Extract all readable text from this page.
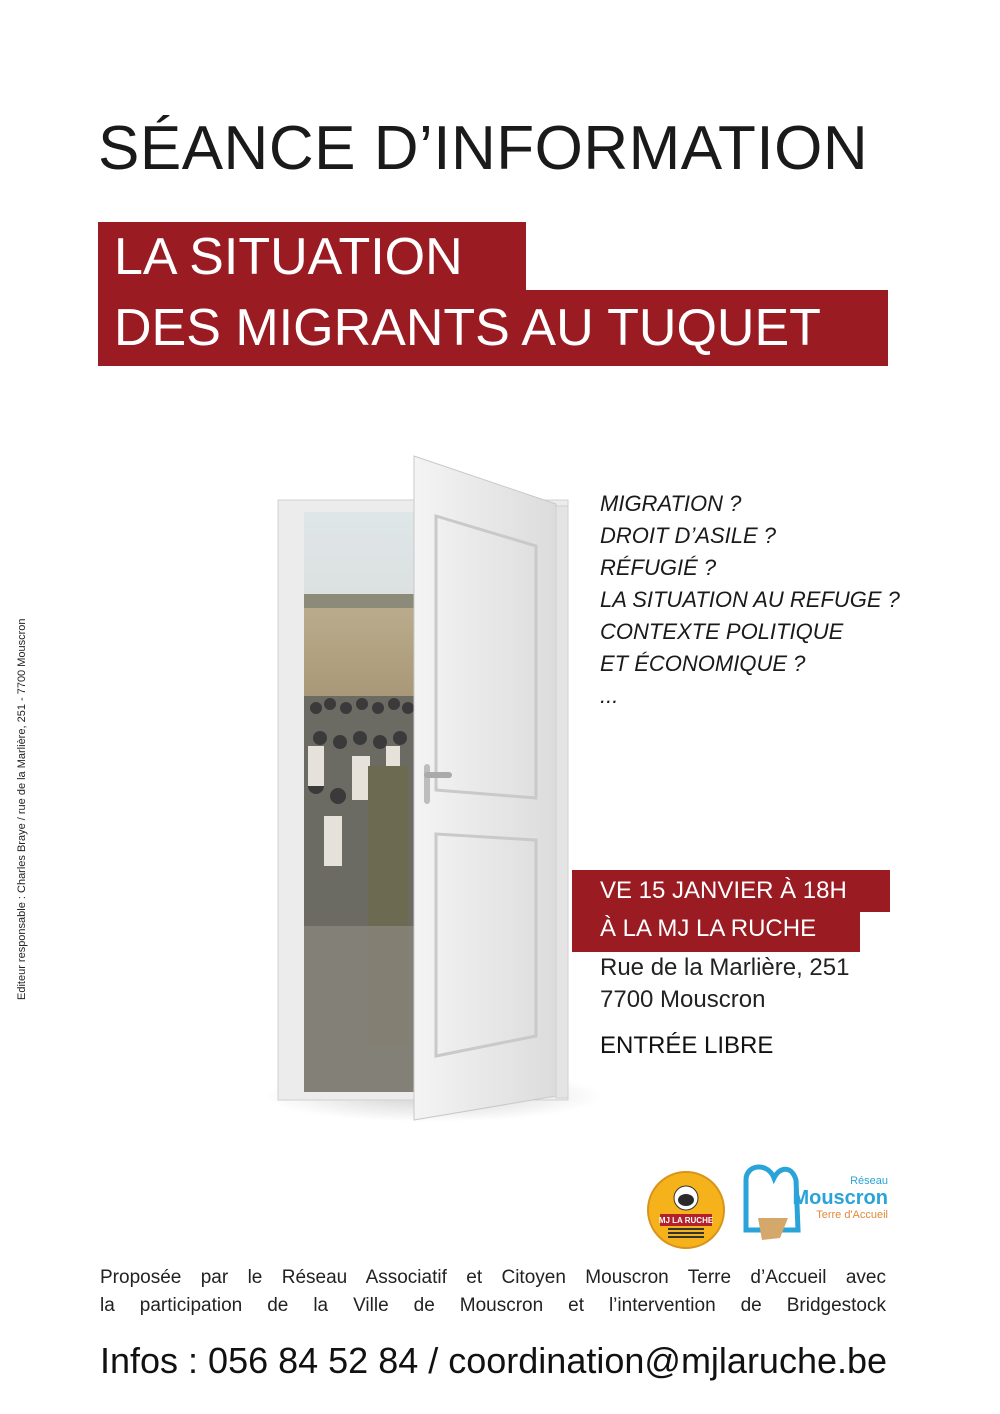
SÉANCE D’INFORMATION
LA SITUATION
DES MIGRANTS AU TUQUET
Editeur responsable : Charles Braye / rue de la Marlière, 251 - 7700 Mouscron
MIGRATION ?
DROIT D’ASILE ?
RÉFUGIÉ ?
LA SITUATION AU REFUGE ?
CONTEXTE POLITIQUE
ET ÉCONOMIQUE ?
...
VE 15 JANVIER À 18H
À LA MJ LA RUCHE
Rue de la Marlière, 251
7700 Mouscron
ENTRÉE LIBRE
MJ LA RUCHE
Réseau
Mouscron
Terre d'Accueil
Proposée par le Réseau Associatif et Citoyen Mouscron Terre d’Accueil avec
la participation de la Ville de Mouscron et l’intervention de Bridgestock
Infos : 056 84 52 84 / coordination@mjlaruche.be
